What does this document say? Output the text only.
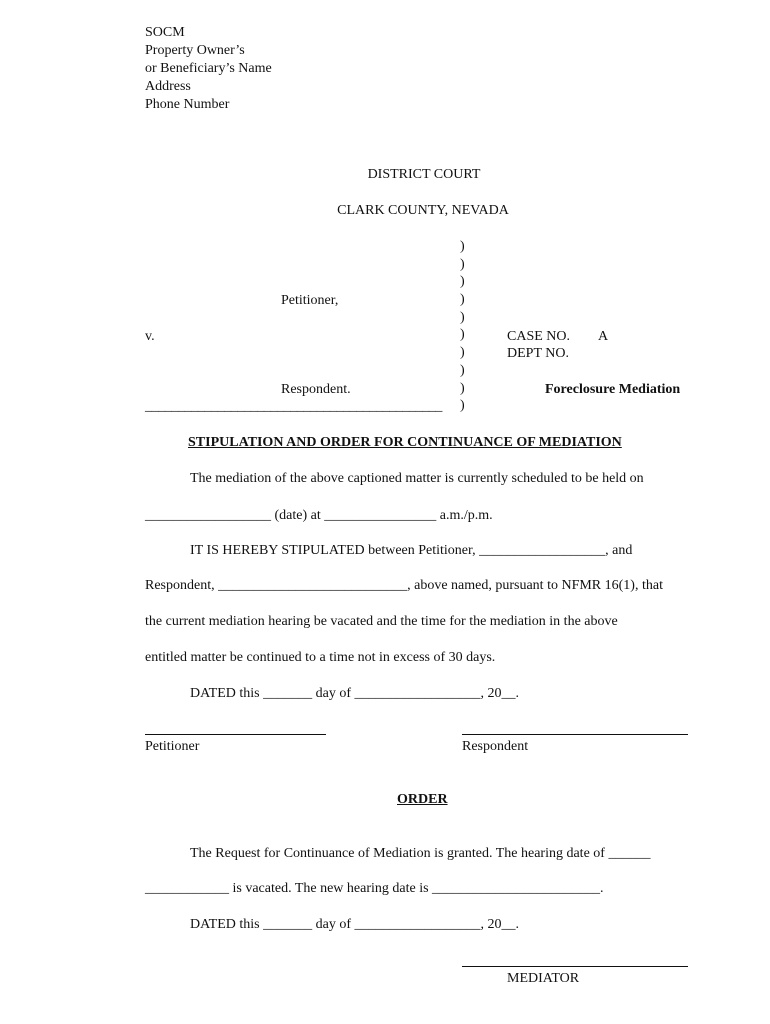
SOCM
Property Owner’s
or Beneficiary’s Name
Address
Phone Number
DISTRICT COURT
CLARK COUNTY, NEVADA
Petitioner,
v.
Respondent.
_____________________________________________
)
)
)
)
)
)
)
)
)
)
CASE NO. A
DEPT NO.
Foreclosure Mediation
STIPULATION AND ORDER FOR CONTINUANCE OF MEDIATION
The mediation of the above captioned matter is currently scheduled to be held on
__________________ (date) at ________________ a.m./p.m.
IT IS HEREBY STIPULATED between Petitioner, __________________, and
Respondent, ___________________________, above named, pursuant to NFMR 16(1), that
the current mediation hearing be vacated and the time for the mediation in the above
entitled matter be continued to a time not in excess of 30 days.
DATED this _______ day of __________________, 20__.
Petitioner	Respondent
ORDER
The Request for Continuance of Mediation is granted. The hearing date of ______
____________ is vacated. The new hearing date is ________________________.
DATED this _______ day of __________________, 20__.
MEDIATOR
